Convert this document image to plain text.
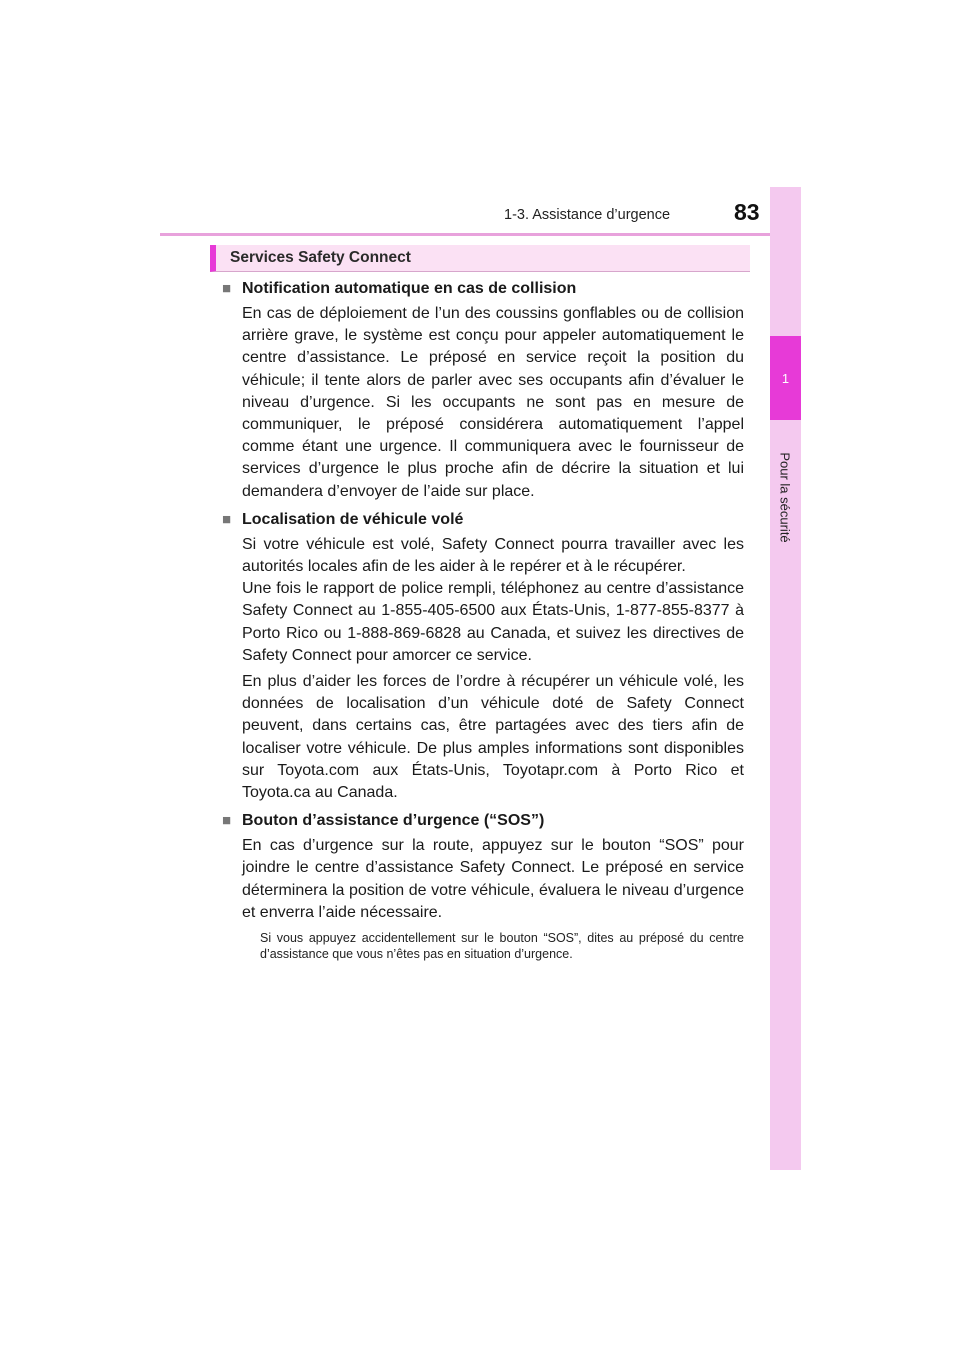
1-3. Assistance d’urgence	83
1
Pour la sécurité
Services Safety Connect
■ Notification automatique en cas de collision

En cas de déploiement de l’un des coussins gonflables ou de collision arrière grave, le système est conçu pour appeler automatiquement le centre d’assistance. Le préposé en service reçoit la position du véhicule; il tente alors de parler avec ses occupants afin d’évaluer le niveau d’urgence. Si les occupants ne sont pas en mesure de communiquer, le préposé considérera automatiquement l’appel comme étant une urgence. Il communiquera avec le fournisseur de services d’urgence le plus proche afin de décrire la situation et lui demandera d’envoyer de l’aide sur place.

■ Localisation de véhicule volé

Si votre véhicule est volé, Safety Connect pourra travailler avec les autorités locales afin de les aider à le repérer et à le récupérer.

Une fois le rapport de police rempli, téléphonez au centre d’assistance Safety Connect au 1-855-405-6500 aux États-Unis, 1-877-855-8377 à Porto Rico ou 1-888-869-6828 au Canada, et suivez les directives de Safety Connect pour amorcer ce service.

En plus d’aider les forces de l’ordre à récupérer un véhicule volé, les données de localisation d’un véhicule doté de Safety Connect peuvent, dans certains cas, être partagées avec des tiers afin de localiser votre véhicule. De plus amples informations sont disponibles sur Toyota.com aux États-Unis, Toyotapr.com à Porto Rico et Toyota.ca au Canada.

■ Bouton d’assistance d’urgence (“SOS”)

En cas d’urgence sur la route, appuyez sur le bouton “SOS” pour joindre le centre d’assistance Safety Connect. Le préposé en service déterminera la position de votre véhicule, évaluera le niveau d’urgence et enverra l’aide nécessaire.

Si vous appuyez accidentellement sur le bouton “SOS”, dites au préposé du centre d’assistance que vous n’êtes pas en situation d’urgence.
